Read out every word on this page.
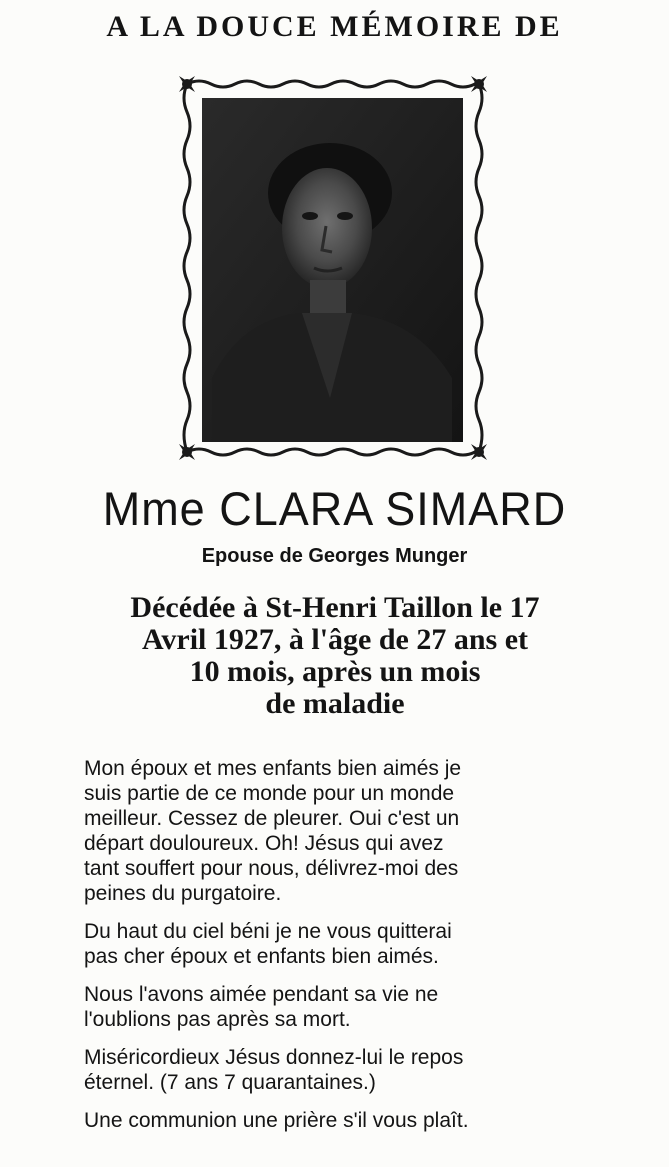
A LA DOUCE MÉMOIRE DE
Mme CLARA SIMARD
Epouse de Georges Munger
Décédée à St-Henri Taillon le 17
Avril 1927, à l'âge de 27 ans et
10 mois, après un mois
de maladie
Mon époux et mes enfants bien aimés je
suis partie de ce monde pour un monde
meilleur. Cessez de pleurer. Oui c'est un
départ douloureux. Oh! Jésus qui avez
tant souffert pour nous, délivrez-moi des
peines du purgatoire.
Du haut du ciel béni je ne vous quitterai
pas cher époux et enfants bien aimés.
Nous l'avons aimée pendant sa vie ne
l'oublions pas après sa mort.
Miséricordieux Jésus donnez-lui le repos
éternel. (7 ans 7 quarantaines.)
Une communion une prière s'il vous plaît.
